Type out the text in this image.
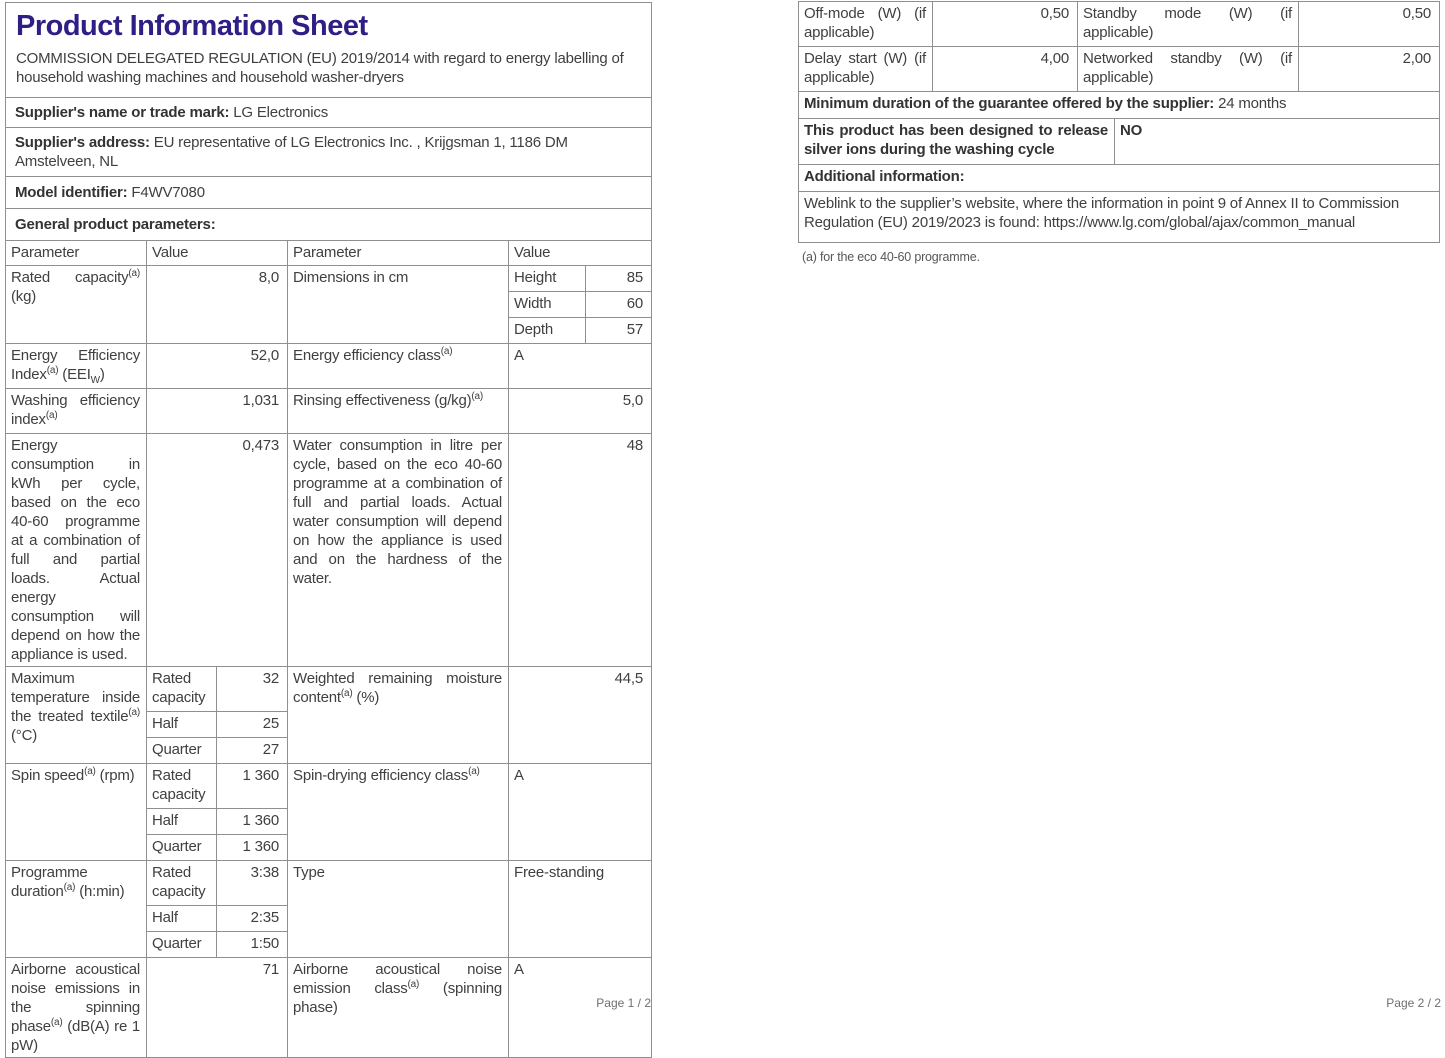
Product Information Sheet
COMMISSION DELEGATED REGULATION (EU) 2019/2014 with regard to energy labelling of household washing machines and household washer-dryers
Supplier's name or trade mark: LG Electronics
Supplier's address: EU representative of LG Electronics Inc. , Krijgsman 1, 1186 DM Amstelveen, NL
Model identifier: F4WV7080
General product parameters:
Parameter	Value		Parameter	Value	
Rated capacity$^{(a)}$ (kg)	8,0		Dimensions in cm	Height	85
				Width	60
				Depth	57
Energy Efficiency Index$^{(a)}$ $(EEI_W)$	52,0		Energy efficiency class$^{(a)}$	A	
Washing efficiency index$^{(a)}$	1,031		Rinsing effectiveness $(g/kg)^{(a)}$	5,0	
Energy consumption in kWh per cycle, based on the eco 40-60 programme at a combination of full and partial loads. Actual energy consumption will depend on how the appliance is used.	0,473		Water consumption in litre per cycle, based on the eco 40-60 programme at a combination of full and partial loads. Actual water consumption will depend on how the appliance is used and on the hardness of the water.	48	
Maximum temperature inside the treated textile$^{(a)}$ (°C)	Rated capacity	32	Weighted remaining moisture content$^{(a)}$ (%)	44,5	
	Half	25			
	Quarter	27			
Spin speed$^{(a)}$ (rpm)	Rated capacity	1 360	Spin-drying efficiency class$^{(a)}$	A	
	Half	1 360			
	Quarter	1 360			
Programme duration$^{(a)}$ (h:min)	Rated capacity	3:38	Type	Free-standing	
	Half	2:35			
	Quarter	1:50			
Airborne acoustical noise emissions in the spinning phase$^{(a)}$ (dB(A) re 1 pW)	71		Airborne acoustical noise emission class$^{(a)}$ (spinning phase)	A	
Page 1 / 2
Off-mode (W) (if applicable)	0,50	Standby mode (W) (if applicable)		0,50
Delay start (W) (if applicable)	4,00	Networked standby (W) (if applicable)		2,00
Minimum duration of the guarantee offered by the supplier: 24 months				
This product has been designed to release silver ions during the washing cycle			NO	
Additional information:				
Weblink to the supplier’s website, where the information in point 9 of Annex II to Commission Regulation (EU) 2019/2023 is found: https://www.lg.com/global/ajax/common_manual				
(a) for the eco 40-60 programme.
Page 2 / 2
